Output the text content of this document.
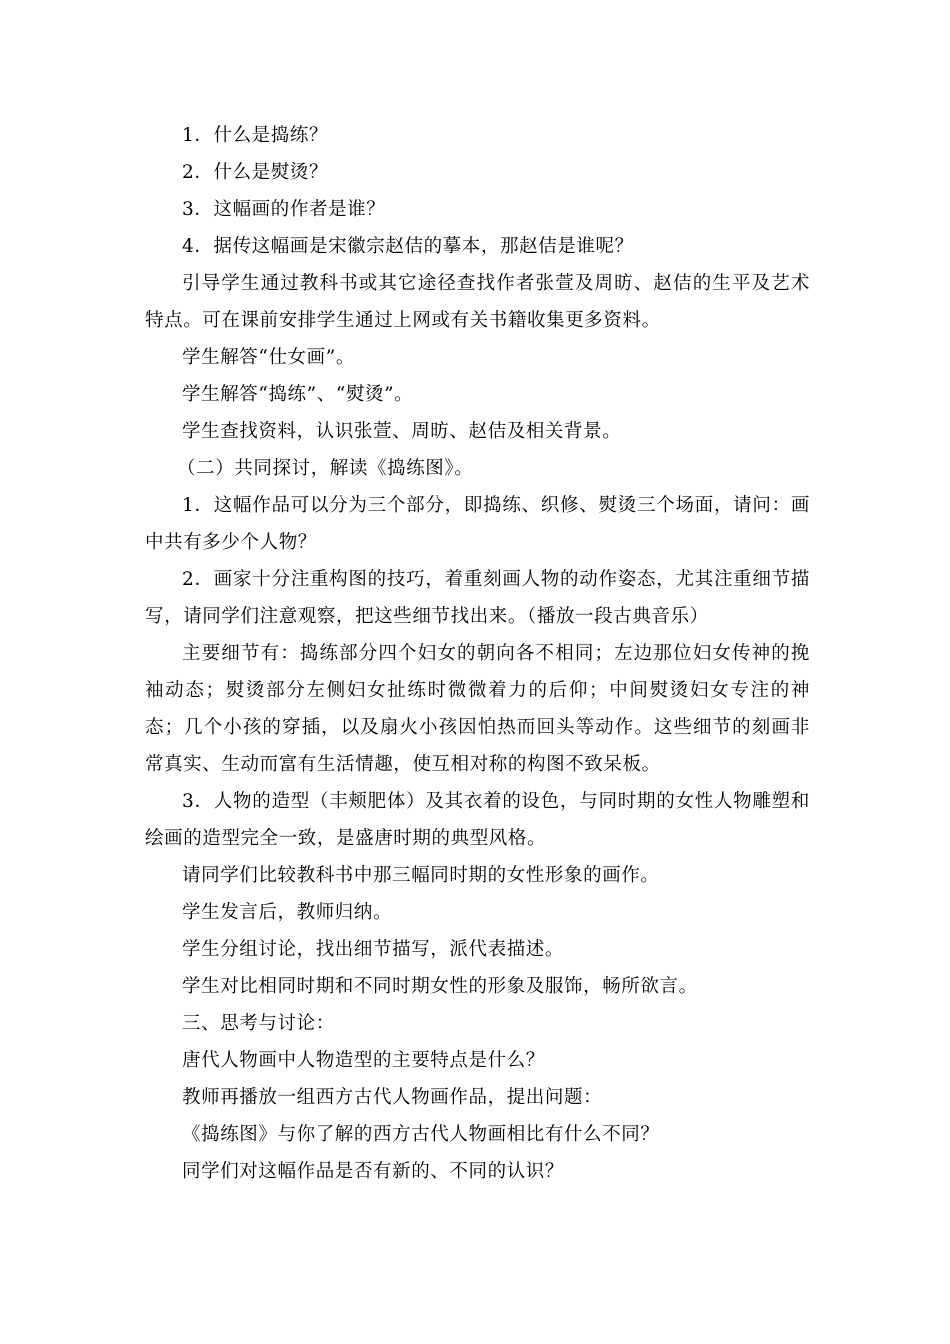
1．什么是捣练？

2．什么是熨烫？

3．这幅画的作者是谁？

4．据传这幅画是宋徽宗赵佶的摹本，那赵佶是谁呢？

引导学生通过教科书或其它途径查找作者张萱及周昉、赵佶的生平及艺术特点。可在课前安排学生通过上网或有关书籍收集更多资料。

学生解答“仕女画”。

学生解答“捣练”、“熨烫”。

学生查找资料，认识张萱、周昉、赵佶及相关背景。

（二）共同探讨，解读《捣练图》。

1．这幅作品可以分为三个部分，即捣练、织修、熨烫三个场面，请问：画中共有多少个人物？

2．画家十分注重构图的技巧，着重刻画人物的动作姿态，尤其注重细节描写，请同学们注意观察，把这些细节找出来。（播放一段古典音乐）

主要细节有：捣练部分四个妇女的朝向各不相同；左边那位妇女传神的挽袖动态；熨烫部分左侧妇女扯练时微微着力的后仰；中间熨烫妇女专注的神态；几个小孩的穿插，以及扇火小孩因怕热而回头等动作。这些细节的刻画非常真实、生动而富有生活情趣，使互相对称的构图不致呆板。

3．人物的造型（丰颊肥体）及其衣着的设色，与同时期的女性人物雕塑和绘画的造型完全一致，是盛唐时期的典型风格。

请同学们比较教科书中那三幅同时期的女性形象的画作。

学生发言后，教师归纳。

学生分组讨论，找出细节描写，派代表描述。

学生对比相同时期和不同时期女性的形象及服饰，畅所欲言。

三、思考与讨论：

唐代人物画中人物造型的主要特点是什么？

教师再播放一组西方古代人物画作品，提出问题：

《捣练图》与你了解的西方古代人物画相比有什么不同？

同学们对这幅作品是否有新的、不同的认识？
